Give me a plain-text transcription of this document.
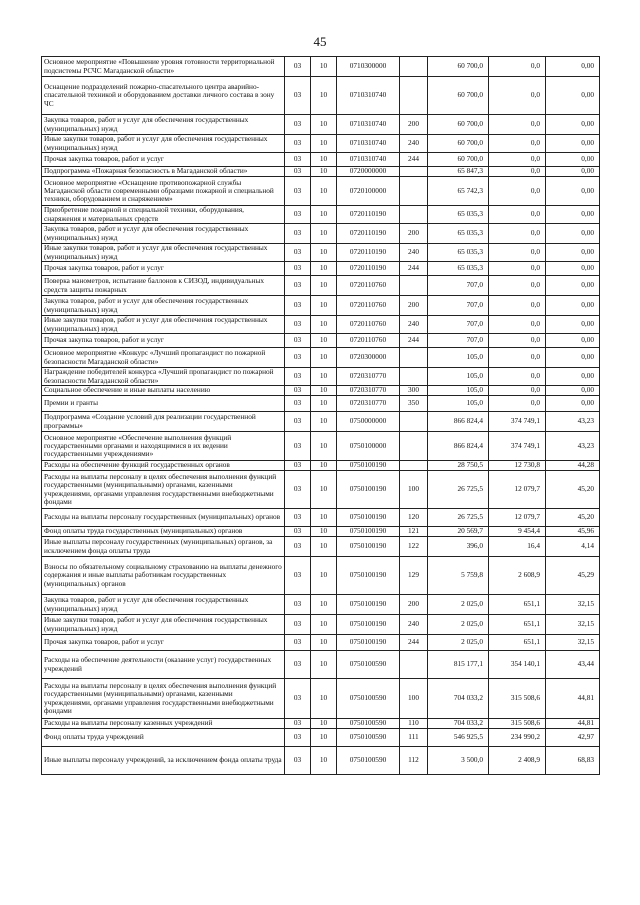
45
Основное мероприятие «Повышение уровня готовности территориальной подсистемы РСЧС Магаданской области»	03	10	0710300000		60 700,0	0,0	0,00
Оснащение подразделений пожарно-спасательного центра аварийно-спасательной техникой и оборудованием доставки личного состава в зону ЧС	03	10	0710310740		60 700,0	0,0	0,00
Закупка товаров, работ и услуг для обеспечения государственных (муниципальных) нужд	03	10	0710310740	200	60 700,0	0,0	0,00
Иные закупки товаров, работ и услуг для обеспечения государственных (муниципальных) нужд	03	10	0710310740	240	60 700,0	0,0	0,00
Прочая закупка товаров, работ и услуг	03	10	0710310740	244	60 700,0	0,0	0,00
Подпрограмма «Пожарная безопасность в Магаданской области»	03	10	0720000000		65 847,3	0,0	0,00
Основное мероприятие «Оснащение противопожарной службы Магаданской области современными образцами пожарной и специальной техники, оборудованием и снаряжением»	03	10	0720100000		65 742,3	0,0	0,00
Приобретение пожарной и специальной техники, оборудования, снаряжения и материальных средств	03	10	0720110190		65 035,3	0,0	0,00
Закупка товаров, работ и услуг для обеспечения государственных (муниципальных) нужд	03	10	0720110190	200	65 035,3	0,0	0,00
Иные закупки товаров, работ и услуг для обеспечения государственных (муниципальных) нужд	03	10	0720110190	240	65 035,3	0,0	0,00
Прочая закупка товаров, работ и услуг	03	10	0720110190	244	65 035,3	0,0	0,00
Поверка манометров, испытание баллонов к СИЗОД, индивидуальных средств защиты пожарных	03	10	0720110760		707,0	0,0	0,00
Закупка товаров, работ и услуг для обеспечения государственных (муниципальных) нужд	03	10	0720110760	200	707,0	0,0	0,00
Иные закупки товаров, работ и услуг для обеспечения государственных (муниципальных) нужд	03	10	0720110760	240	707,0	0,0	0,00
Прочая закупка товаров, работ и услуг	03	10	0720110760	244	707,0	0,0	0,00
Основное мероприятие «Конкурс «Лучший пропагандист по пожарной безопасности Магаданской области»	03	10	0720300000		105,0	0,0	0,00
Награждение победителей конкурса «Лучший пропагандист по пожарной безопасности Магаданской области»	03	10	0720310770		105,0	0,0	0,00
Социальное обеспечение и иные выплаты населению	03	10	0720310770	300	105,0	0,0	0,00
Премии и гранты	03	10	0720310770	350	105,0	0,0	0,00
Подпрограмма «Создание условий для реализации государственной программы»	03	10	0750000000		866 824,4	374 749,1	43,23
Основное мероприятие «Обеспечение выполнения функций государственными органами и находящимися в их ведении государственными учреждениями»	03	10	0750100000		866 824,4	374 749,1	43,23
Расходы на обеспечение функций государственных органов	03	10	0750100190		28 750,5	12 730,8	44,28
Расходы на выплаты персоналу в целях обеспечения выполнения функций государственными (муниципальными) органами, казенными учреждениями, органами управления государственными внебюджетными фондами	03	10	0750100190	100	26 725,5	12 079,7	45,20
Расходы на выплаты персоналу государственных (муниципальных) органов	03	10	0750100190	120	26 725,5	12 079,7	45,20
Фонд оплаты труда государственных (муниципальных) органов	03	10	0750100190	121	20 569,7	9 454,4	45,96
Иные выплаты персоналу государственных (муниципальных) органов, за исключением фонда оплаты труда	03	10	0750100190	122	396,0	16,4	4,14
Взносы по обязательному социальному страхованию на выплаты денежного содержания и иные выплаты работникам государственных (муниципальных) органов	03	10	0750100190	129	5 759,8	2 608,9	45,29
Закупка товаров, работ и услуг для обеспечения государственных (муниципальных) нужд	03	10	0750100190	200	2 025,0	651,1	32,15
Иные закупки товаров, работ и услуг для обеспечения государственных (муниципальных) нужд	03	10	0750100190	240	2 025,0	651,1	32,15
Прочая закупка товаров, работ и услуг	03	10	0750100190	244	2 025,0	651,1	32,15
Расходы на обеспечение деятельности (оказание услуг) государственных учреждений	03	10	0750100590		815 177,1	354 140,1	43,44
Расходы на выплаты персоналу в целях обеспечения выполнения функций государственными (муниципальными) органами, казенными учреждениями, органами управления государственными внебюджетными фондами	03	10	0750100590	100	704 033,2	315 508,6	44,81
Расходы на выплаты персоналу казенных учреждений	03	10	0750100590	110	704 033,2	315 508,6	44,81
Фонд оплаты труда учреждений	03	10	0750100590	111	546 925,5	234 990,2	42,97
Иные выплаты персоналу учреждений, за исключением фонда оплаты труда	03	10	0750100590	112	3 500,0	2 408,9	68,83
